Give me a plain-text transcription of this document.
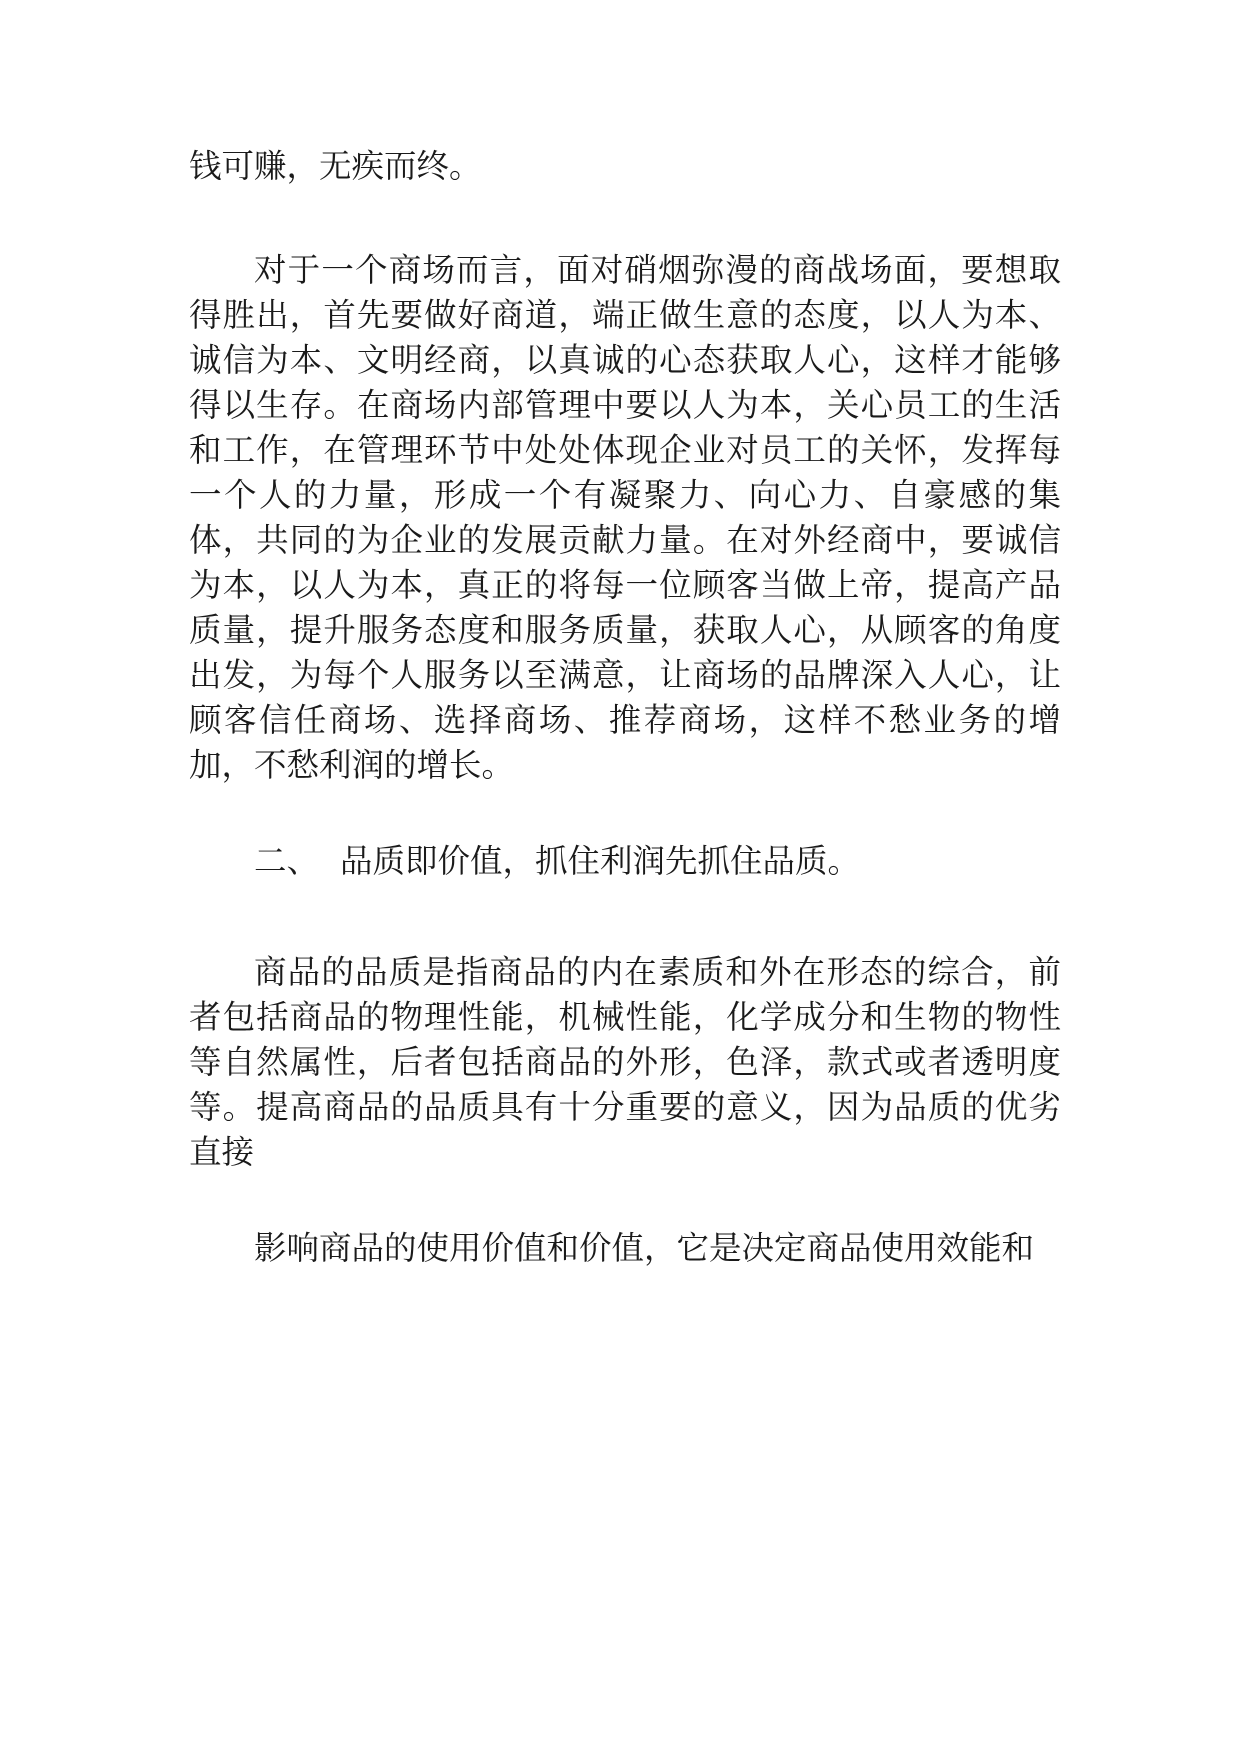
钱可赚，无疾而终。

对于一个商场而言，面对硝烟弥漫的商战场面，要想取得胜出，首先要做好商道，端正做生意的态度，以人为本、诚信为本、文明经商，以真诚的心态获取人心，这样才能够得以生存。在商场内部管理中要以人为本，关心员工的生活和工作，在管理环节中处处体现企业对员工的关怀，发挥每一个人的力量，形成一个有凝聚力、向心力、自豪感的集体，共同的为企业的发展贡献力量。在对外经商中，要诚信为本，以人为本，真正的将每一位顾客当做上帝，提高产品质量，提升服务态度和服务质量，获取人心，从顾客的角度出发，为每个人服务以至满意，让商场的品牌深入人心，让顾客信任商场、选择商场、推荐商场，这样不愁业务的增加，不愁利润的增长。

二、 品质即价值，抓住利润先抓住品质。

商品的品质是指商品的内在素质和外在形态的综合，前者包括商品的物理性能，机械性能，化学成分和生物的物性等自然属性，后者包括商品的外形，色泽，款式或者透明度等。提高商品的品质具有十分重要的意义，因为品质的优劣直接

影响商品的使用价值和价值，它是决定商品使用效能和
